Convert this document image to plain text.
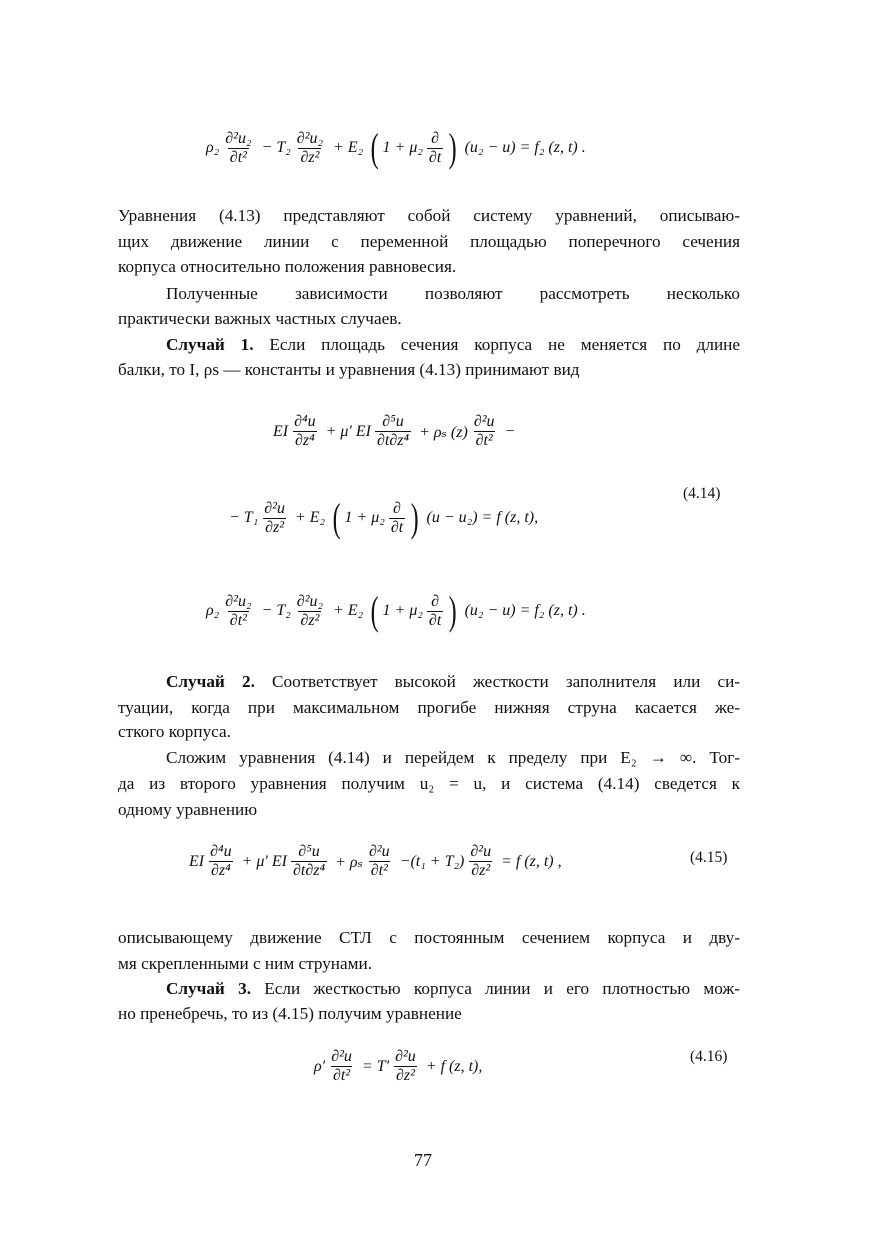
Уравнения (4.13) представляют собой систему уравнений, описываю-
щих движение линии с переменной площадью поперечного сечения
корпуса относительно положения равновесия.
Полученные зависимости позволяют рассмотреть несколько
практически важных частных случаев.
Случай 1. Если площадь сечения корпуса не меняется по длине
балки, то I, ρs — константы и уравнения (4.13) принимают вид
Случай 2. Соответствует высокой жесткости заполнителя или си-
туации, когда при максимальном прогибе нижняя струна касается же-
сткого корпуса.
Сложим уравнения (4.14) и перейдем к пределу при E₂ → ∞. Тог-
да из второго уравнения получим u₂ = u, и система (4.14) сведется к
одному уравнению
описывающему движение СТЛ с постоянным сечением корпуса и дву-
мя скрепленными с ним струнами.
Случай 3. Если жесткостью корпуса линии и его плотностью мож-
но пренебречь, то из (4.15) получим уравнение
$\rho_2 \frac{\text{∂²u₂}}{\text{∂t²}} - T_2 \frac{\text{∂²u₂}}{\text{∂z²}} + E_2$ ( $1 + \mu_2 \frac{\partial}{\partial t}$ ) (u₂ − u) = f₂ (z, t) .
EI $\frac{\text{∂⁴u}}{\text{∂z⁴}} + \mu'$ EI $\frac{\text{∂⁵u}}{\text{∂t∂z⁴}} + \rho_s$ $(z) \frac{\text{∂²u}}{\text{∂t²}}$ −
− $T_1 \frac{\text{∂²u}}{\text{∂z²}} + E_2$ ( $1 + \mu_2 \frac{\partial}{\partial t}$ ) (u − u₂) = f (z, t),
$\rho_2 \frac{\text{∂²u₂}}{\text{∂t²}} - T_2 \frac{\text{∂²u₂}}{\text{∂z²}} + E_2$ ( $1 + \mu_2 \frac{\partial}{\partial t}$ ) (u₂ − u) = f₂ (z, t) .
EI $\frac{\text{∂⁴u}}{\text{∂z⁴}} + \mu'$ EI $\frac{\text{∂⁵u}}{\text{∂t∂z⁴}} + \rho_s \frac{\text{∂²u}}{\text{∂t²}} -(t_1 + T_2) \frac{\text{∂²u}}{\text{∂z²}} = f$ (z, t) ,
$\rho' \frac{\text{∂²u}}{\text{∂t²}} = T' \frac{\text{∂²u}}{\text{∂z²}} + f$ (z, t),
(4.14)
(4.15)
(4.16)
77
